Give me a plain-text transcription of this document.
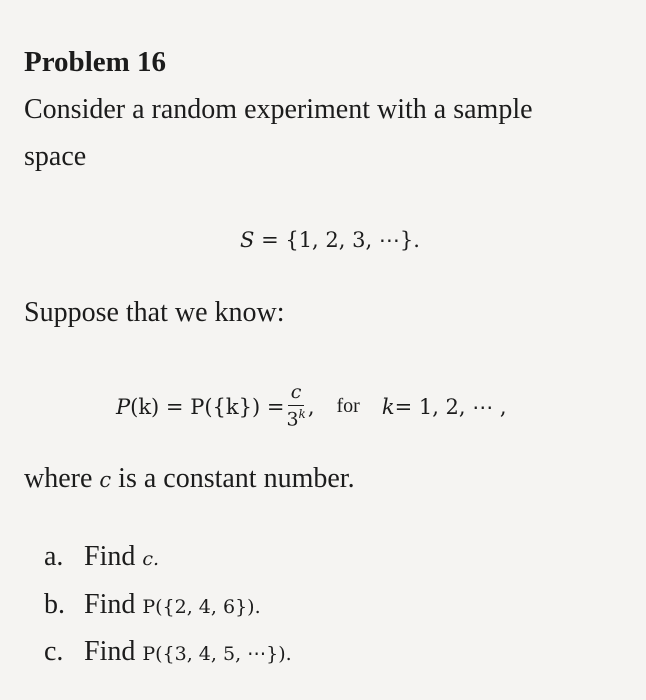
Problem 16
Consider a random experiment with a sample
space
S = {1, 2, 3, ⋯}.
Suppose that we know:
P $(k) = P(\{k\}) = \frac{c}{3^k}$ , for k = 1, 2, ⋯ ,
where c is a constant number.
a. Find c.
b. Find P({2, 4, 6}).
c. Find P({3, 4, 5, ⋯}).
